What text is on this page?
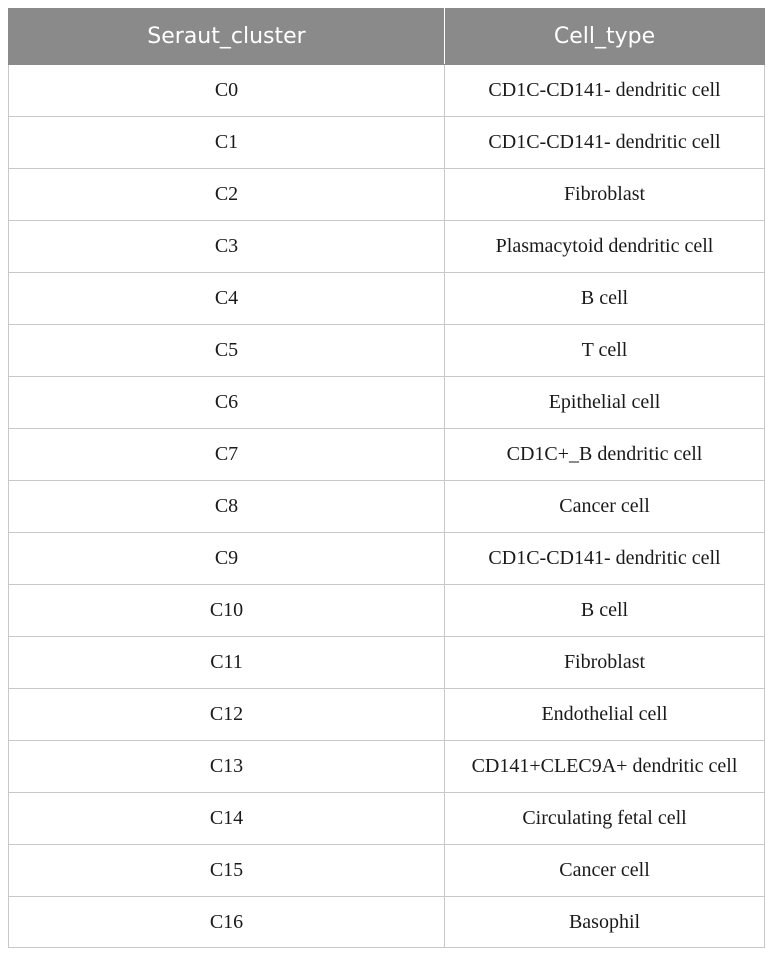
Seraut_cluster	Cell_type
C0	CD1C-CD141- dendritic cell
C1	CD1C-CD141- dendritic cell
C2	Fibroblast
C3	Plasmacytoid dendritic cell
C4	B cell
C5	T cell
C6	Epithelial cell
C7	CD1C+_B dendritic cell
C8	Cancer cell
C9	CD1C-CD141- dendritic cell
C10	B cell
C11	Fibroblast
C12	Endothelial cell
C13	CD141+CLEC9A+ dendritic cell
C14	Circulating fetal cell
C15	Cancer cell
C16	Basophil
